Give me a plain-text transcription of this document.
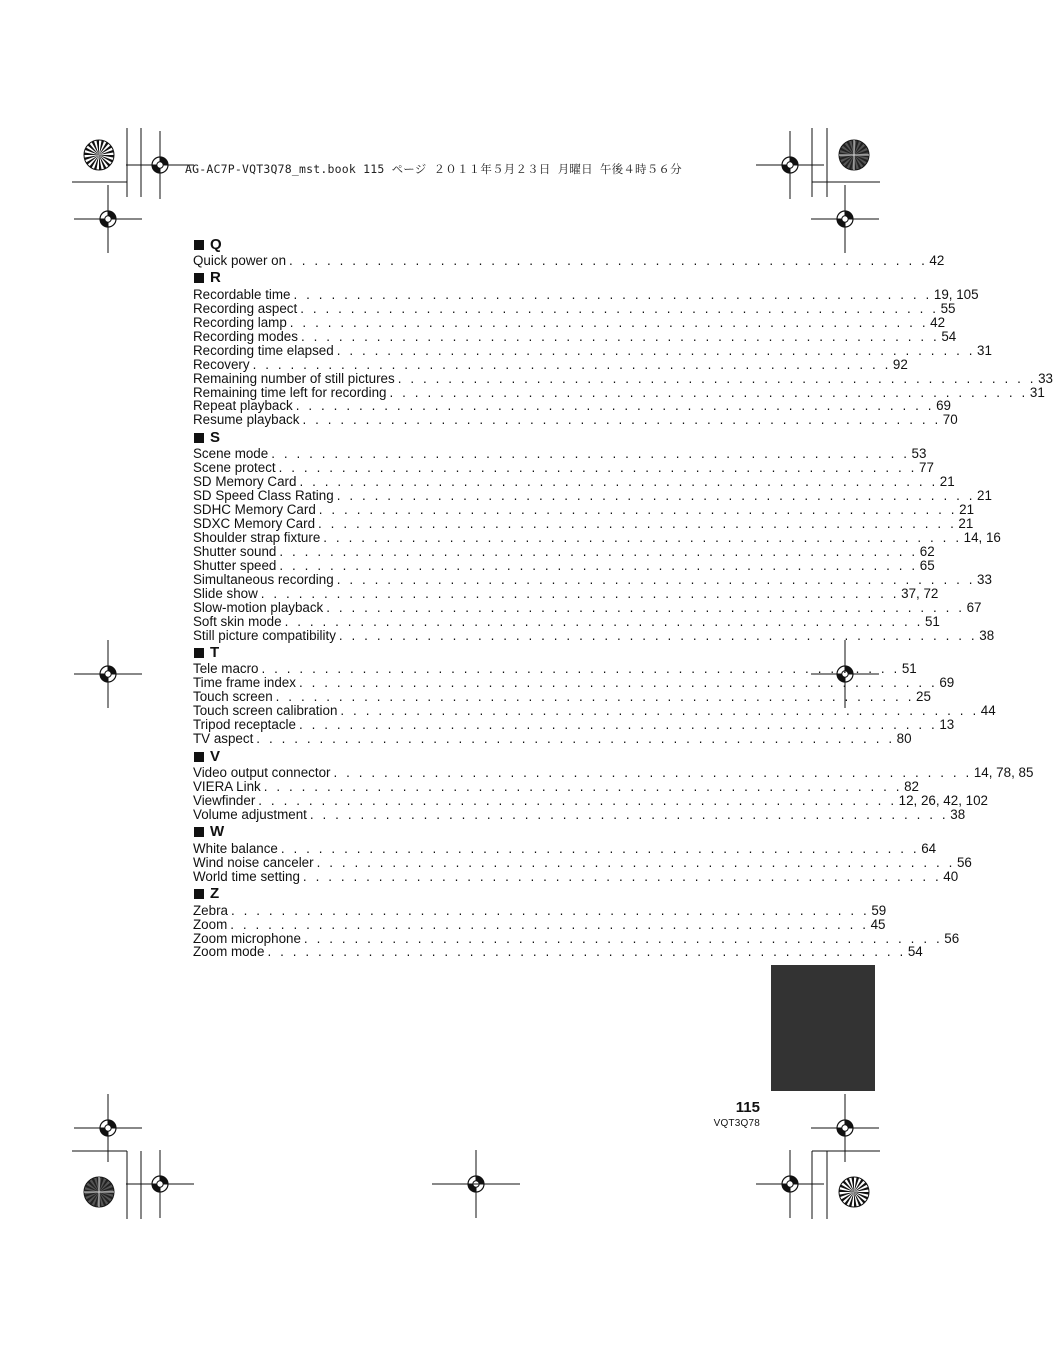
AG-AC7P-VQT3Q78_mst.book 115 ページ ２０１１年５月２３日 月曜日 午後４時５６分
Q
Quick power on . . . . . . . . . . . . . . . . . . . . . . . . . . . . . . . . . . . . . . . . . . . . . . . . . . . 42
R
Recordable time . . . . . . . . . . . . . . . . . . . . . . . . . . . . . . . . . . . . . . . . . . . . . . . . . . . 19, 105
Recording aspect . . . . . . . . . . . . . . . . . . . . . . . . . . . . . . . . . . . . . . . . . . . . . . . . . . . 55
Recording lamp . . . . . . . . . . . . . . . . . . . . . . . . . . . . . . . . . . . . . . . . . . . . . . . . . . . 42
Recording modes . . . . . . . . . . . . . . . . . . . . . . . . . . . . . . . . . . . . . . . . . . . . . . . . . . . 54
Recording time elapsed . . . . . . . . . . . . . . . . . . . . . . . . . . . . . . . . . . . . . . . . . . . . . . . . . . . 31
Recovery . . . . . . . . . . . . . . . . . . . . . . . . . . . . . . . . . . . . . . . . . . . . . . . . . . . 92
Remaining number of still pictures . . . . . . . . . . . . . . . . . . . . . . . . . . . . . . . . . . . . . . . . . . . . . . . . . . . 33
Remaining time left for recording . . . . . . . . . . . . . . . . . . . . . . . . . . . . . . . . . . . . . . . . . . . . . . . . . . . 31
Repeat playback . . . . . . . . . . . . . . . . . . . . . . . . . . . . . . . . . . . . . . . . . . . . . . . . . . . 69
Resume playback . . . . . . . . . . . . . . . . . . . . . . . . . . . . . . . . . . . . . . . . . . . . . . . . . . . 70
S
Scene mode . . . . . . . . . . . . . . . . . . . . . . . . . . . . . . . . . . . . . . . . . . . . . . . . . . . 53
Scene protect . . . . . . . . . . . . . . . . . . . . . . . . . . . . . . . . . . . . . . . . . . . . . . . . . . . 77
SD Memory Card . . . . . . . . . . . . . . . . . . . . . . . . . . . . . . . . . . . . . . . . . . . . . . . . . . . 21
SD Speed Class Rating . . . . . . . . . . . . . . . . . . . . . . . . . . . . . . . . . . . . . . . . . . . . . . . . . . . 21
SDHC Memory Card . . . . . . . . . . . . . . . . . . . . . . . . . . . . . . . . . . . . . . . . . . . . . . . . . . . 21
SDXC Memory Card . . . . . . . . . . . . . . . . . . . . . . . . . . . . . . . . . . . . . . . . . . . . . . . . . . . 21
Shoulder strap fixture . . . . . . . . . . . . . . . . . . . . . . . . . . . . . . . . . . . . . . . . . . . . . . . . . . . 14, 16
Shutter sound . . . . . . . . . . . . . . . . . . . . . . . . . . . . . . . . . . . . . . . . . . . . . . . . . . . 62
Shutter speed . . . . . . . . . . . . . . . . . . . . . . . . . . . . . . . . . . . . . . . . . . . . . . . . . . . 65
Simultaneous recording . . . . . . . . . . . . . . . . . . . . . . . . . . . . . . . . . . . . . . . . . . . . . . . . . . . 33
Slide show . . . . . . . . . . . . . . . . . . . . . . . . . . . . . . . . . . . . . . . . . . . . . . . . . . . 37, 72
Slow-motion playback . . . . . . . . . . . . . . . . . . . . . . . . . . . . . . . . . . . . . . . . . . . . . . . . . . . 67
Soft skin mode . . . . . . . . . . . . . . . . . . . . . . . . . . . . . . . . . . . . . . . . . . . . . . . . . . . 51
Still picture compatibility . . . . . . . . . . . . . . . . . . . . . . . . . . . . . . . . . . . . . . . . . . . . . . . . . . . 38
T
Tele macro . . . . . . . . . . . . . . . . . . . . . . . . . . . . . . . . . . . . . . . . . . . . . . . . . . . 51
Time frame index . . . . . . . . . . . . . . . . . . . . . . . . . . . . . . . . . . . . . . . . . . . . . . . . . . . 69
Touch screen . . . . . . . . . . . . . . . . . . . . . . . . . . . . . . . . . . . . . . . . . . . . . . . . . . . 25
Touch screen calibration . . . . . . . . . . . . . . . . . . . . . . . . . . . . . . . . . . . . . . . . . . . . . . . . . . . 44
Tripod receptacle . . . . . . . . . . . . . . . . . . . . . . . . . . . . . . . . . . . . . . . . . . . . . . . . . . . 13
TV aspect . . . . . . . . . . . . . . . . . . . . . . . . . . . . . . . . . . . . . . . . . . . . . . . . . . . 80
V
Video output connector . . . . . . . . . . . . . . . . . . . . . . . . . . . . . . . . . . . . . . . . . . . . . . . . . . . 14, 78, 85
VIERA Link . . . . . . . . . . . . . . . . . . . . . . . . . . . . . . . . . . . . . . . . . . . . . . . . . . . 82
Viewfinder . . . . . . . . . . . . . . . . . . . . . . . . . . . . . . . . . . . . . . . . . . . . . . . . . . . 12, 26, 42, 102
Volume adjustment . . . . . . . . . . . . . . . . . . . . . . . . . . . . . . . . . . . . . . . . . . . . . . . . . . . 38
W
White balance . . . . . . . . . . . . . . . . . . . . . . . . . . . . . . . . . . . . . . . . . . . . . . . . . . . 64
Wind noise canceler . . . . . . . . . . . . . . . . . . . . . . . . . . . . . . . . . . . . . . . . . . . . . . . . . . . 56
World time setting . . . . . . . . . . . . . . . . . . . . . . . . . . . . . . . . . . . . . . . . . . . . . . . . . . . 40
Z
Zebra . . . . . . . . . . . . . . . . . . . . . . . . . . . . . . . . . . . . . . . . . . . . . . . . . . . 59
Zoom . . . . . . . . . . . . . . . . . . . . . . . . . . . . . . . . . . . . . . . . . . . . . . . . . . . 45
Zoom microphone . . . . . . . . . . . . . . . . . . . . . . . . . . . . . . . . . . . . . . . . . . . . . . . . . . . 56
Zoom mode . . . . . . . . . . . . . . . . . . . . . . . . . . . . . . . . . . . . . . . . . . . . . . . . . . . 54
115
VQT3Q78
